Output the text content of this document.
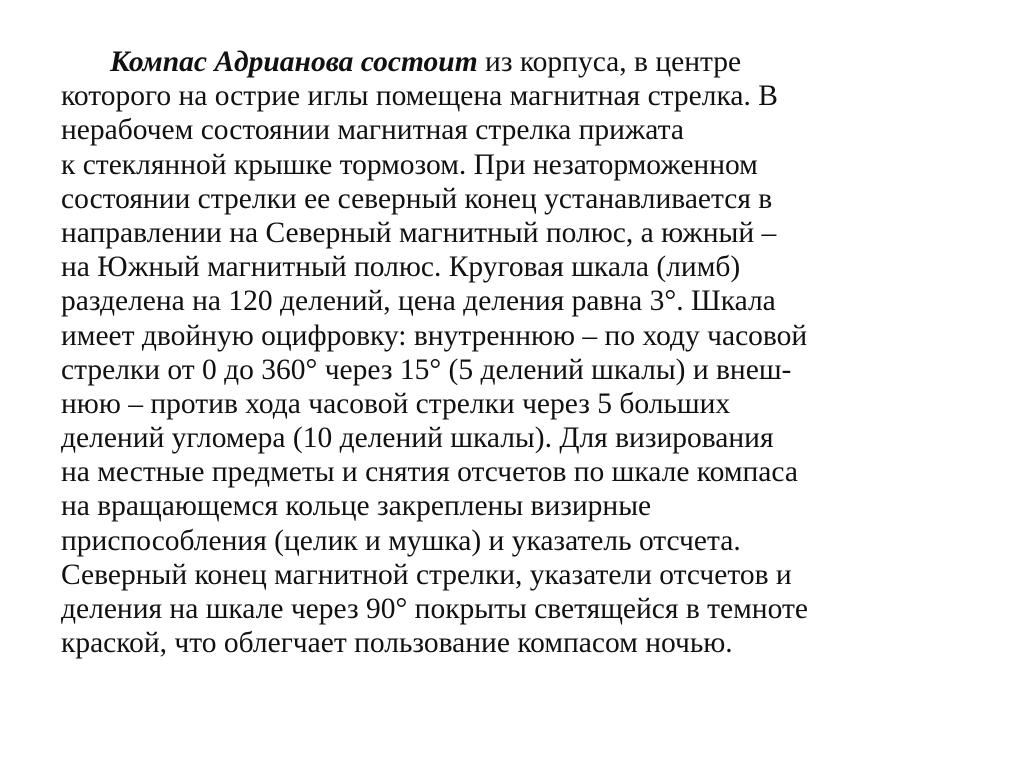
Компас Адрианова состоит из корпуса, в центре
которого на острие иглы помещена магнитная стрелка. В
нерабочем состоянии магнитная стрелка прижата
к стеклянной крышке тормозом. При незаторможенном
состоянии стрелки ее северный конец устанавливается в
направлении на Северный магнитный полюс, а южный –
на Южный магнитный полюс. Круговая шкала (лимб)
разделена на 120 делений, цена деления равна 3°. Шкала
имеет двойную оцифровку: внутреннюю – по ходу часовой
стрелки от 0 до 360° через 15° (5 делений шкалы) и внеш-
нюю – против хода часовой стрелки через 5 больших
делений угломера (10 делений шкалы). Для визирования
на местные предметы и снятия отсчетов по шкале компаса
на вращающемся кольце закреплены визирные
приспособления (целик и мушка) и указатель отсчета.
Северный конец магнитной стрелки, указатели отсчетов и
деления на шкале через 90° покрыты светящейся в темноте
краской, что облегчает пользование компасом ночью.
